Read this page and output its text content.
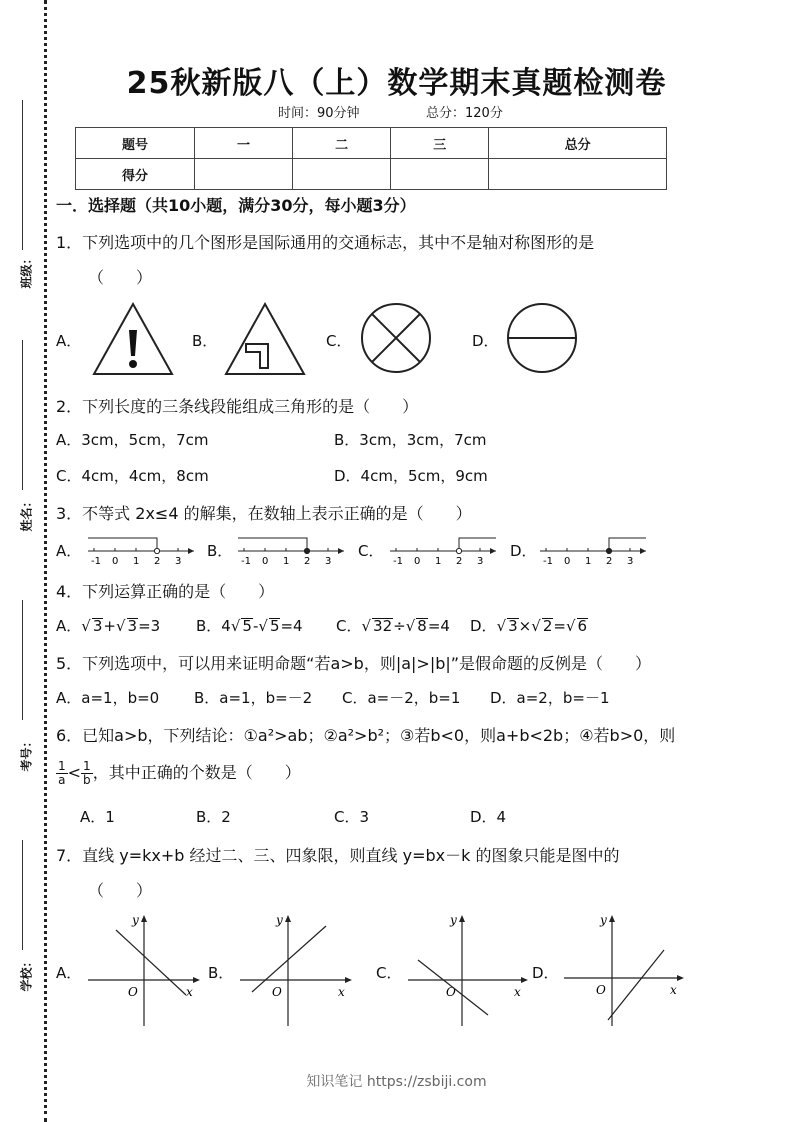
班级：
姓名：
考号：
学校：
25秋新版八（上）数学期末真题检测卷
时间：90分钟	总分：120分
题号	一	二	三	总分
得分				
一．选择题（共10小题，满分30分，每小题3分）
1．下列选项中的几个图形是国际通用的交通标志，其中不是轴对称图形的是
（　　）
A．	B．	C．	D．
2．下列长度的三条线段能组成三角形的是（　　）
A．3cm，5cm，7cm	B．3cm，3cm，7cm
C．4cm，4cm，8cm	D．4cm，5cm，9cm
3．不等式 2x≤4 的解集，在数轴上表示正确的是（　　）
A．	B．	C．	D．
-1 0 1 2 3	-1 0 1 2 3	-1 0 1 2 3	-1 0 1 2 3
4．下列运算正确的是（　　）
A．√ 3+√ 3=3 B．4√ 5-√ 5=4 C．√ 32÷√ 8=4 D．√ 3×√ 2=√ 6
5．下列选项中，可以用来证明命题“若a>b，则|a|>|b|”是假命题的反例是（　　）
A．a=1，b=0 B．a=1，b=－2 C．a=－2，b=1 D．a=2，b=－1
6．已知a>b，下列结论：①a²>ab；②a²>b²；③若b<0，则a+b<2b；④若b>0，则
$\frac{1}{a} < \frac{1}{b}$ ，其中正确的个数是（　　）
A．1	B．2	C．3	D．4
7．直线 y=kx+b 经过二、三、四象限，则直线 y=bx－k 的图象只能是图中的
（　　）
A．	B．	C．	D．
x
y
O	x
y
O	x
y
O	x
y
O
知识笔记 https://zsbiji.com
